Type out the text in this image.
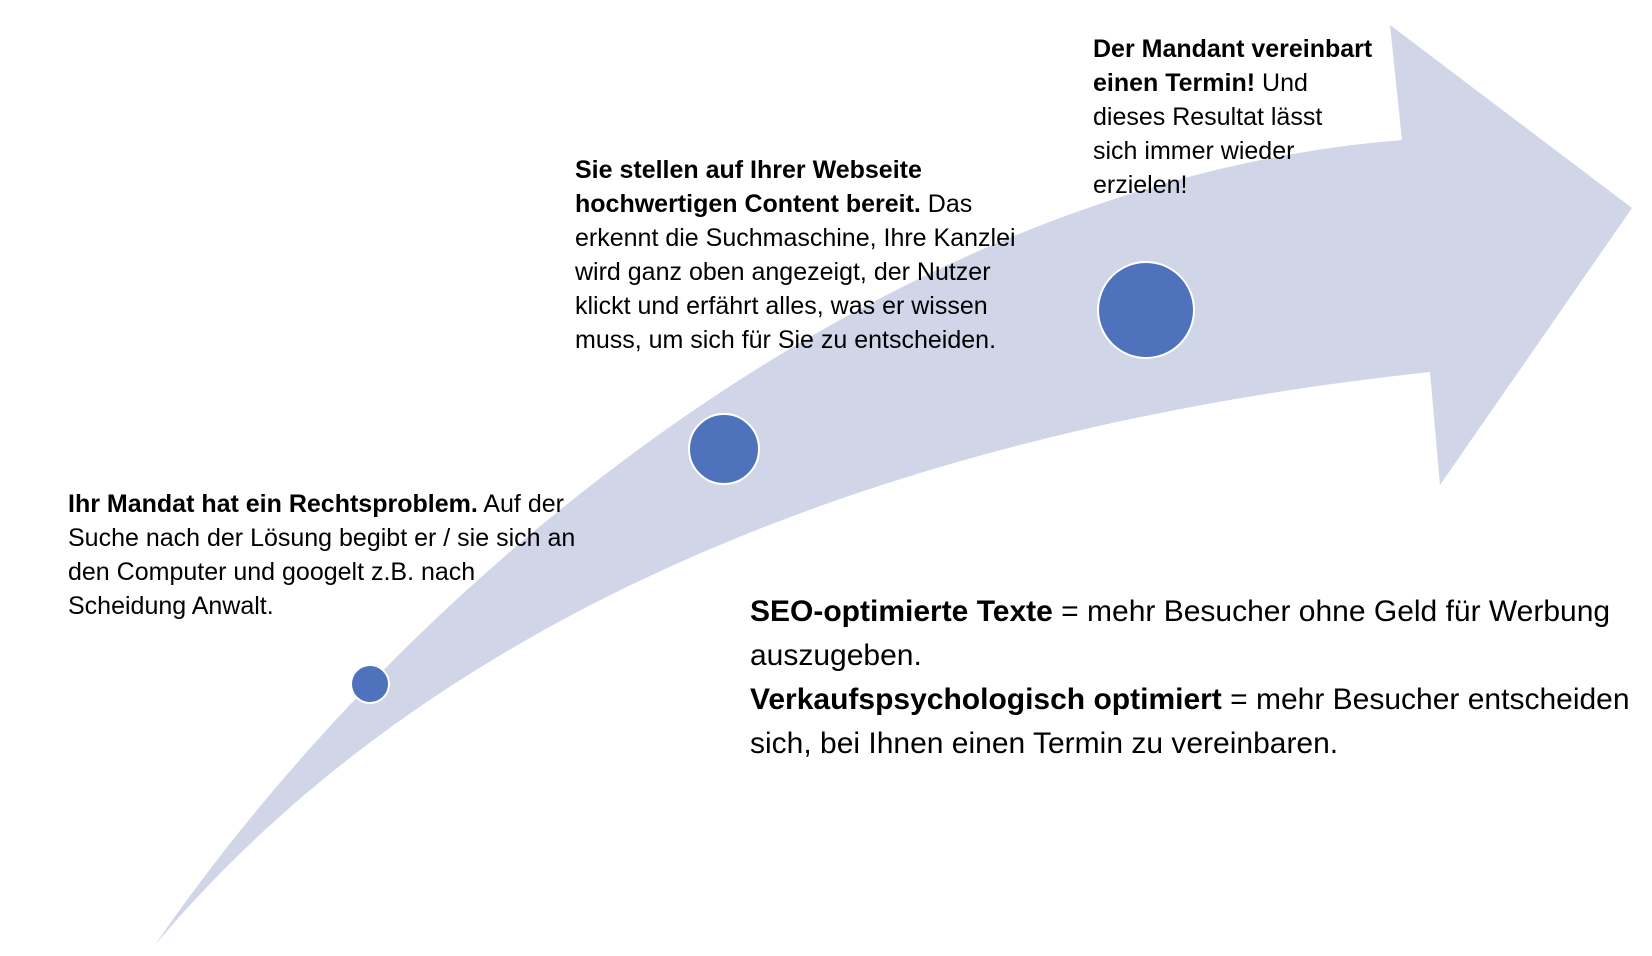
Ihr Mandat hat ein Rechtsproblem. Auf der Suche nach der Lösung begibt er / sie sich an den Computer und googelt z.B. nach Scheidung Anwalt.
Sie stellen auf Ihrer Webseite hochwertigen Content bereit. Das erkennt die Suchmaschine, Ihre Kanzlei wird ganz oben angezeigt, der Nutzer klickt und erfährt alles, was er wissen muss, um sich für Sie zu entscheiden.
Der Mandant vereinbart einen Termin! Und dieses Resultat lässt sich immer wieder erzielen!

SEO-optimierte Texte = mehr Besucher ohne Geld für Werbung auszugeben.

Verkaufspsychologisch optimiert = mehr Besucher entscheiden sich, bei Ihnen einen Termin zu vereinbaren.
